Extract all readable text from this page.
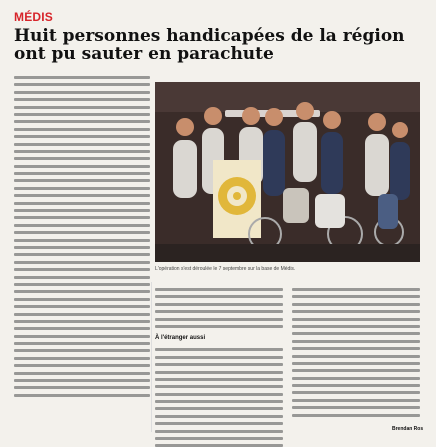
MÉDIS
Huit personnes handicapées de la région ont pu sauter en parachute
L'opération s'est déroulée le 7 septembre sur la base de Médis.
À l'étranger aussi
Brendan Ros
